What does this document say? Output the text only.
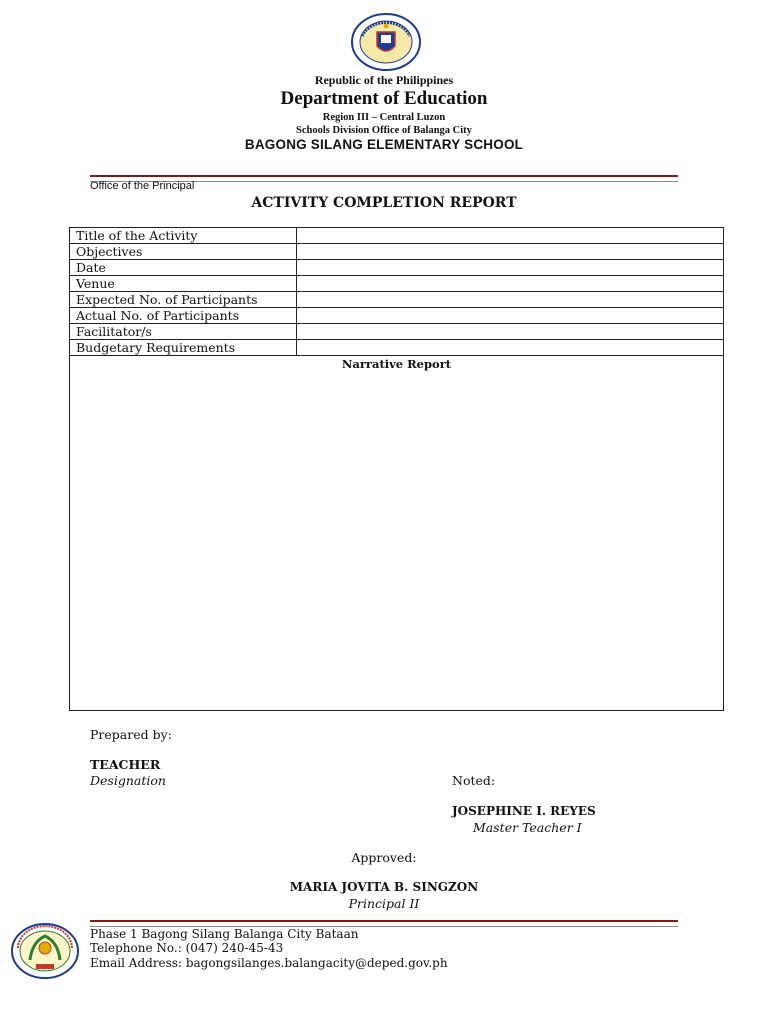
Republic of the Philippines
Department of Education
Region III – Central Luzon
Schools Division Office of Balanga City
BAGONG SILANG ELEMENTARY SCHOOL
Office of the Principal
ACTIVITY COMPLETION REPORT
Title of the Activity	
Objectives	
Date	
Venue	
Expected No. of Participants	
Actual No. of Participants	
Facilitator/s	
Budgetary Requirements	
Narrative Report
Prepared by:
TEACHER
Designation	Noted:
JOSEPHINE I. REYES
Master Teacher I
Approved:
MARIA JOVITA B. SINGZON
Principal II
Phase 1 Bagong Silang Balanga City Bataan
Telephone No.: (047) 240-45-43
Email Address: bagongsilanges.balangacity@deped.gov.ph
